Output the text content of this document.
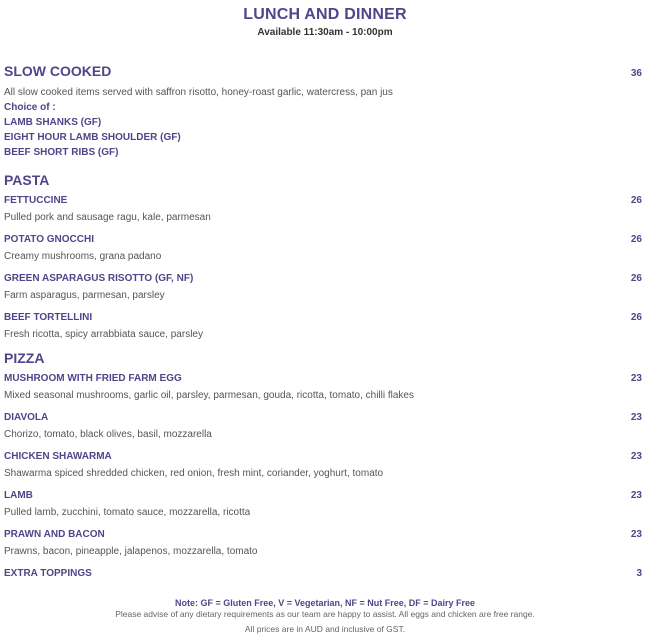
LUNCH AND DINNER
Available 11:30am - 10:00pm
SLOW COOKED	36
All slow cooked items served with saffron risotto, honey-roast garlic, watercress, pan jus
Choice of :
LAMB SHANKS (GF)
EIGHT HOUR LAMB SHOULDER (GF)
BEEF SHORT RIBS (GF)
PASTA
FETTUCCINE	26
Pulled pork and sausage ragu, kale, parmesan
POTATO GNOCCHI	26
Creamy mushrooms, grana padano
GREEN ASPARAGUS RISOTTO (GF, NF)	26
Farm asparagus, parmesan, parsley
BEEF TORTELLINI	26
Fresh ricotta, spicy arrabbiata sauce, parsley
PIZZA
MUSHROOM WITH FRIED FARM EGG	23
Mixed seasonal mushrooms, garlic oil, parsley, parmesan, gouda, ricotta, tomato, chilli flakes
DIAVOLA	23
Chorizo, tomato, black olives, basil, mozzarella
CHICKEN SHAWARMA	23
Shawarma spiced shredded chicken, red onion, fresh mint, coriander, yoghurt, tomato
LAMB	23
Pulled lamb, zucchini, tomato sauce, mozzarella, ricotta
PRAWN AND BACON	23
Prawns, bacon, pineapple, jalapenos, mozzarella, tomato
EXTRA TOPPINGS	3
Note: GF = Gluten Free, V = Vegetarian, NF = Nut Free, DF = Dairy Free
Please advise of any dietary requirements as our team are happy to assist. All eggs and chicken are free range.
All prices are in AUD and inclusive of GST.
